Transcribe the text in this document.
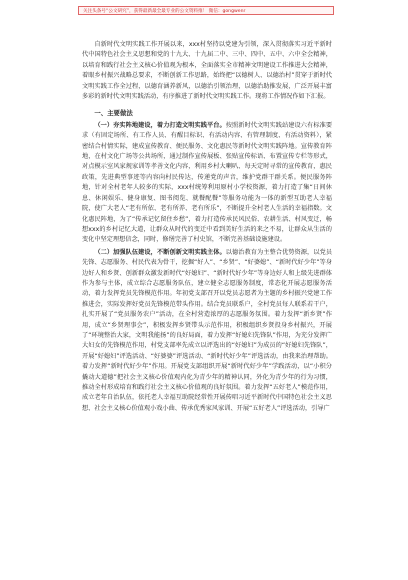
关注头条号“公文研究”，获得最新最全最专业的公文资料推！ 微信：gongwenr

自新时代文明实践工作开展以来，xxx村坚持以党建为引领，深入贯彻落实习近平新时代中国特色社会主义思想和党的十九大、十九届二中、三中、四中、五中、六中全会精神，以培育和践行社会主义核心价值观为根本，全面落实全市精神文明建设工作推进大会精神，着眼乡村振兴战略总要求，不断创新工作思路，始终把“以德树人、以德治村”贯穿于新时代文明实践工作全过程，以德育涵养新风，以德治引领治理，以德治助推发展，广泛开展丰富多彩的新时代文明实践活动，有序推进了新时代文明实践工作。现将工作情况作如下汇报。

一、主要做法

（一）夯实阵地建设，着力打造文明实践平台。按照新时代文明实践站建设六有标准要求（有固定场所、有工作人员、有醒目标识、有活动内容、有管理制度、有活动资料），紧密结合村情实际，建成宣传教育、便民服务、文化惠民等新时代文明实践阵地。宣传教育阵地，在村文化广场等公共场所，通过制作宣传展板、张贴宣传标语、布置宣传专栏等形式，对点模示室风家规家训等孝善文化内容，利用乡村大喇叭、每天定时寻常的宣传教育，惠民政策，先进典型事迹等内容向村民传达，传递党的声音，维护党群干群关系。便民服务阵地，针对全村老年人较多的实际，xxx村统筹利用原村小学校资源，着力打造了集“日间休息、休闲娱乐、健身康复、图书阅览、就餐配餐”等服务功能为一体的新型互助老人幸福院，使广大老人“老有所依、老有所养、老有所乐”，不断提升全村老人生活的幸福指数。文化惠民阵地，为了“传承记忆留住乡愁”，着力打造传承民风民俗、农耕生活、村风变迁，畅想xxx的乡村记忆大道，让群众从时代的变迁中看到美好生活的来之不易，让群众从生活的变化中坚定理想信念，同时，修缮完善了村史馆，不断完善基础设施建设。

（二）加强队伍建设，不断创新文明实践主体。以德治教育为主整合优势资源，以党员先锋、志愿服务、村民代表为骨干，挖掘“好人”、“乡贤”、“好婆媳”、“新时代好少年”等身边好人和乡贤、创新群众激发新时代“好媳妇”、“新时代好少年”等身边好人和上级先进群体作为参与主体，成立综合志愿服务队伍，建立健全志愿服务制度，常态化开展志愿服务活动，着力发挥党员先锋模范作用。年初党支部召开以党员志愿者为主题的乡村振兴党建工作推进会，实际发挥好党员先锋模范带头作用。结合党员联系户，全村党员每人联系若干户，扎实开展了“党员服务农户”活动，在全村营造浓厚的志愿服务氛围。着力发挥“新乡贤”作用，成立“乡贤理事会”，积极发挥乡贤带头示范作用，积极组织乡贤投身乡村振兴，开展了“环境整治大家，文明我能扬”的良好局面，着力发挥“好媳妇先锋队”作用，为充分发挥广大妇女的先锋模范作用，村党支部率先成立以评选出的“好媳妇”为成员的“好媳妇先锋队”，开展“好媳妇”评选活动、“好婆婆”评选活动、“新时代好少年”评选活动，由我来治理帮助。着力发挥“新时代好少年”作用。开展党支部组织开展“新时代好少年”学践活动，以“小积分撬动大道德”把社会主义核心价值观内化为青少年的精神认同，外化为青少年的行为习惯，推动全村形成培育和践行社会主义核心价值观的良好氛围。着力发挥“五好老人”模范作用，成立老年自治队伍，依托老人幸福互助院经常性开展传唱习近平新时代中国特色社会主义思想、社会主义核心价值观小戏小曲、传承优秀家风家训、开展“五好老人”评选活动，引导广
